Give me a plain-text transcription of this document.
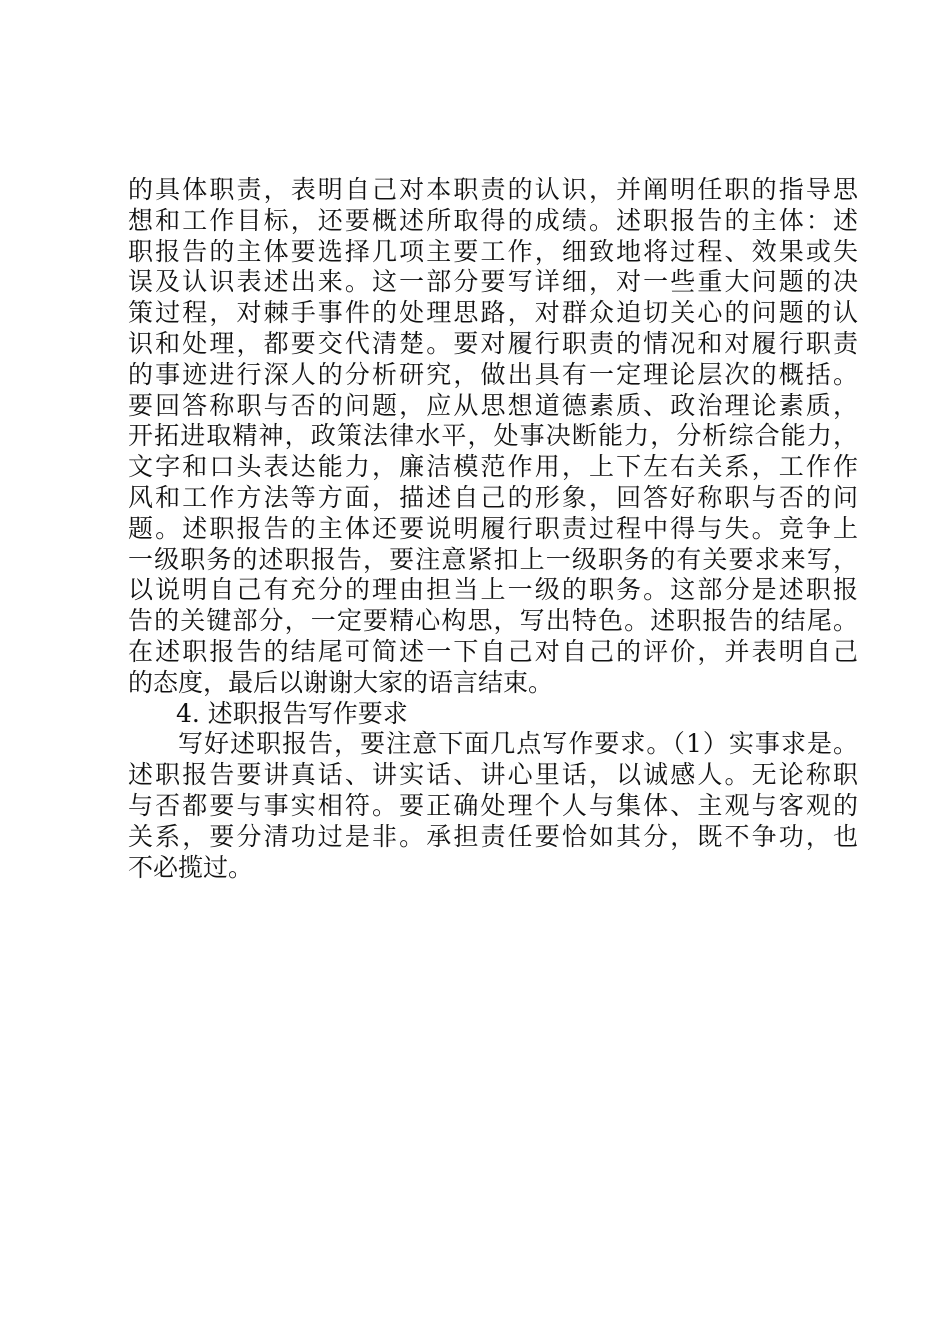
的具体职责，表明自己对本职责的认识，并阐明任职的指导思
想和工作目标，还要概述所取得的成绩。述职报告的主体：述
职报告的主体要选择几项主要工作，细致地将过程、效果或失
误及认识表述出来。这一部分要写详细，对一些重大问题的决
策过程，对棘手事件的处理思路，对群众迫切关心的问题的认
识和处理，都要交代清楚。要对履行职责的情况和对履行职责
的事迹进行深人的分析研究，做出具有一定理论层次的概括。
要回答称职与否的问题，应从思想道德素质、政治理论素质，
开拓进取精神，政策法律水平，处事决断能力，分析综合能力，
文字和口头表达能力，廉洁模范作用，上下左右关系，工作作
风和工作方法等方面，描述自己的形象，回答好称职与否的问
题。述职报告的主体还要说明履行职责过程中得与失。竞争上
一级职务的述职报告，要注意紧扣上一级职务的有关要求来写，
以说明自己有充分的理由担当上一级的职务。这部分是述职报
告的关键部分，一定要精心构思，写出特色。述职报告的结尾。
在述职报告的结尾可简述一下自己对自己的评价，并表明自己
的态度，最后以谢谢大家的语言结束。
4. 述职报告写作要求
写好述职报告，要注意下面几点写作要求。（1）实事求是。
述职报告要讲真话、讲实话、讲心里话，以诚感人。无论称职
与否都要与事实相符。要正确处理个人与集体、主观与客观的
关系，要分清功过是非。承担责任要恰如其分，既不争功，也
不必揽过。
